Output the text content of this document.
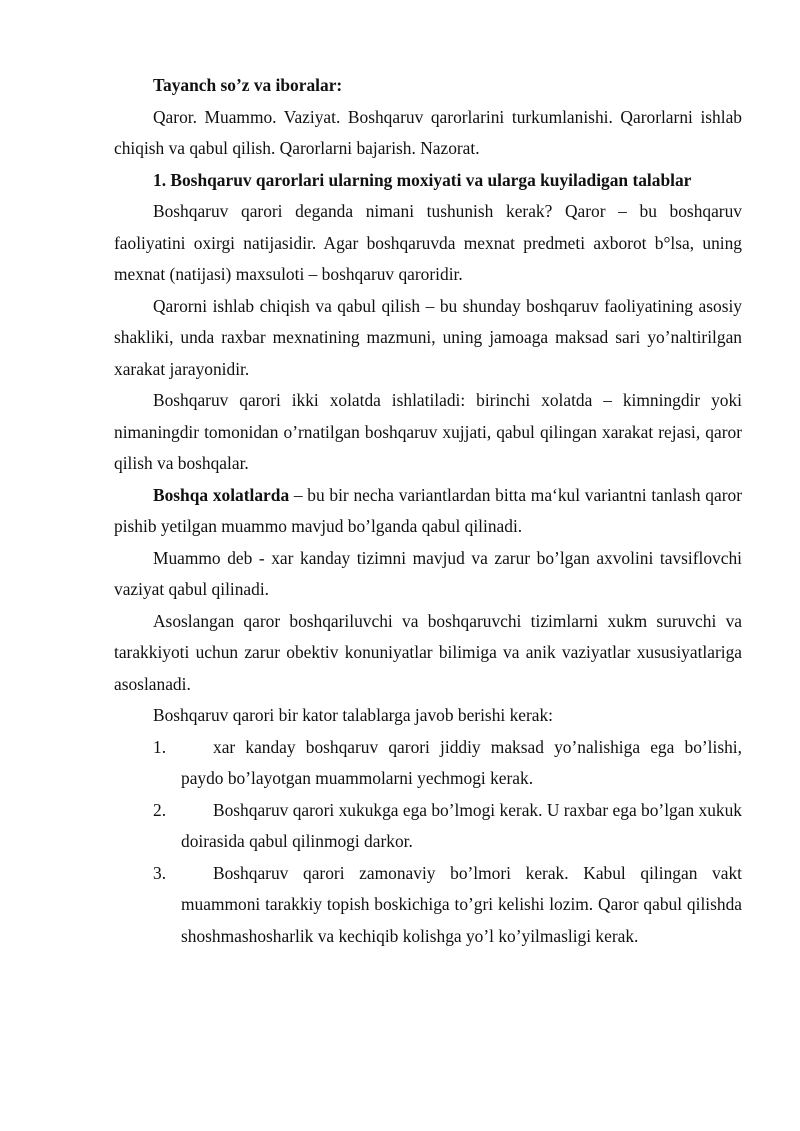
Tayanch so’z va iboralar:

Qaror. Muammo. Vaziyat. Boshqaruv qarorlarini turkumlanishi. Qarorlarni ishlab chiqish va qabul qilish. Qarorlarni bajarish. Nazorat.

1. Boshqaruv qarorlari ularning moxiyati va ularga kuyiladigan talablar

Boshqaruv qarori deganda nimani tushunish kerak? Qaror – bu boshqaruv faoliyatini oxirgi natijasidir. Agar boshqaruvda mexnat predmeti axborot b°lsa, uning mexnat (natijasi) maxsuloti – boshqaruv qaroridir.

Qarorni ishlab chiqish va qabul qilish – bu shunday boshqaruv faoliyatining asosiy shakliki, unda raxbar mexnatining mazmuni, uning jamoaga maksad sari yo’naltirilgan xarakat jarayonidir.

Boshqaruv qarori ikki xolatda ishlatiladi: birinchi xolatda – kimningdir yoki nimaningdir tomonidan o’rnatilgan boshqaruv xujjati, qabul qilingan xarakat rejasi, qaror qilish va boshqalar.

Boshqa xolatlarda – bu bir necha variantlardan bitta ma‘kul variantni tanlash qaror pishib yetilgan muammo mavjud bo’lganda qabul qilinadi.

Muammo deb - xar kanday tizimni mavjud va zarur bo’lgan axvolini tavsiflovchi vaziyat qabul qilinadi.

Asoslangan qaror boshqariluvchi va boshqaruvchi tizimlarni xukm suruvchi va tarakkiyoti uchun zarur obektiv konuniyatlar bilimiga va anik vaziyatlar xususiyatlariga asoslanadi.

Boshqaruv qarori bir kator talablarga javob berishi kerak:

1.	xar kanday boshqaruv qarori jiddiy maksad yo’nalishiga ega bo’lishi, paydo bo’layotgan muammolarni yechmogi kerak.
2.	Boshqaruv qarori xukukga ega bo’lmogi kerak. U raxbar ega bo’lgan xukuk doirasida qabul qilinmogi darkor.
3.	Boshqaruv qarori zamonaviy bo’lmori kerak. Kabul qilingan vakt muammoni tarakkiy topish boskichiga to’gri kelishi lozim. Qaror qabul qilishda shoshmashosharlik va kechiqib kolishga yo’l ko’yilmasligi kerak.
